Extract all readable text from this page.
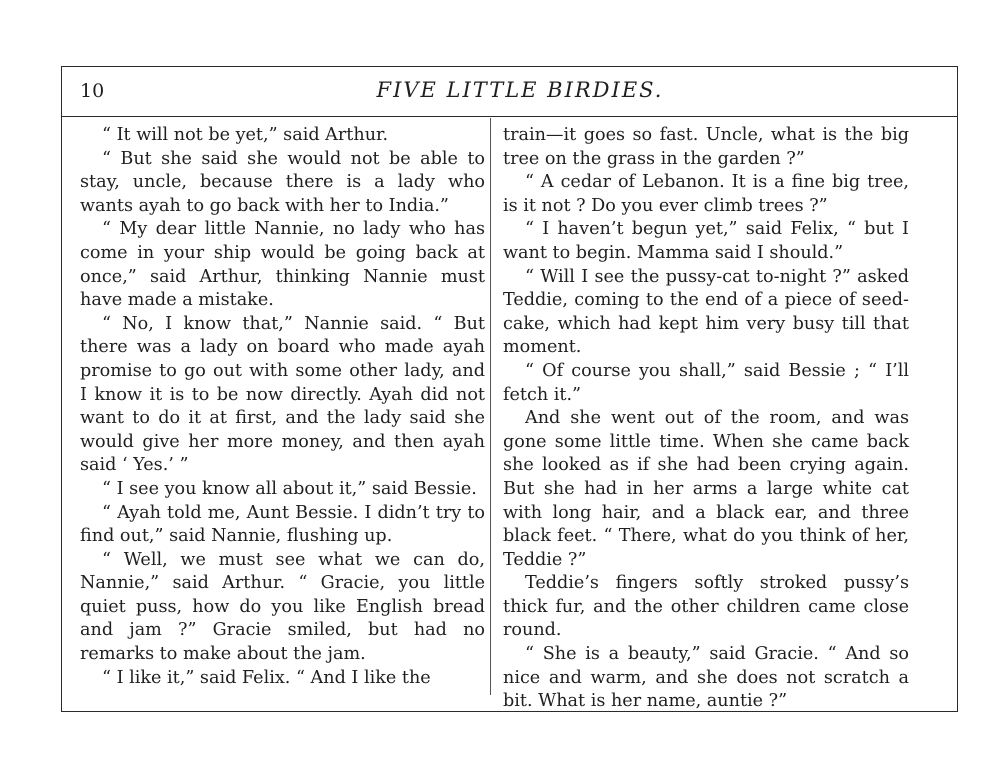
10	FIVE LITTLE BIRDIES.

“ It will not be yet,” said Arthur.

“ But she said she would not be able to stay, uncle, because there is a lady who wants ayah to go back with her to India.”

“ My dear little Nannie, no lady who has come in your ship would be going back at once,” said Arthur, thinking Nannie must have made a mistake.

“ No, I know that,” Nannie said. “ But there was a lady on board who made ayah promise to go out with some other lady, and I know it is to be now directly. Ayah did not want to do it at first, and the lady said she would give her more money, and then ayah said ‘ Yes.’ ”

“ I see you know all about it,” said Bessie.

“ Ayah told me, Aunt Bessie. I didn’t try to find out,” said Nannie, flushing up.

“ Well, we must see what we can do, Nannie,” said Arthur. “ Gracie, you little quiet puss, how do you like English bread and jam ?” Gracie smiled, but had no remarks to make about the jam.

“ I like it,” said Felix. “ And I like the

train—it goes so fast. Uncle, what is the big tree on the grass in the garden ?”

“ A cedar of Lebanon. It is a fine big tree, is it not ? Do you ever climb trees ?”

“ I haven’t begun yet,” said Felix, “ but I want to begin. Mamma said I should.”

“ Will I see the pussy-cat to-night ?” asked Teddie, coming to the end of a piece of seed-cake, which had kept him very busy till that moment.

“ Of course you shall,” said Bessie ; “ I’ll fetch it.”

And she went out of the room, and was gone some little time. When she came back she looked as if she had been crying again. But she had in her arms a large white cat with long hair, and a black ear, and three black feet. “ There, what do you think of her, Teddie ?”

Teddie’s fingers softly stroked pussy’s thick fur, and the other children came close round.

“ She is a beauty,” said Gracie. “ And so nice and warm, and she does not scratch a bit. What is her name, auntie ?”
